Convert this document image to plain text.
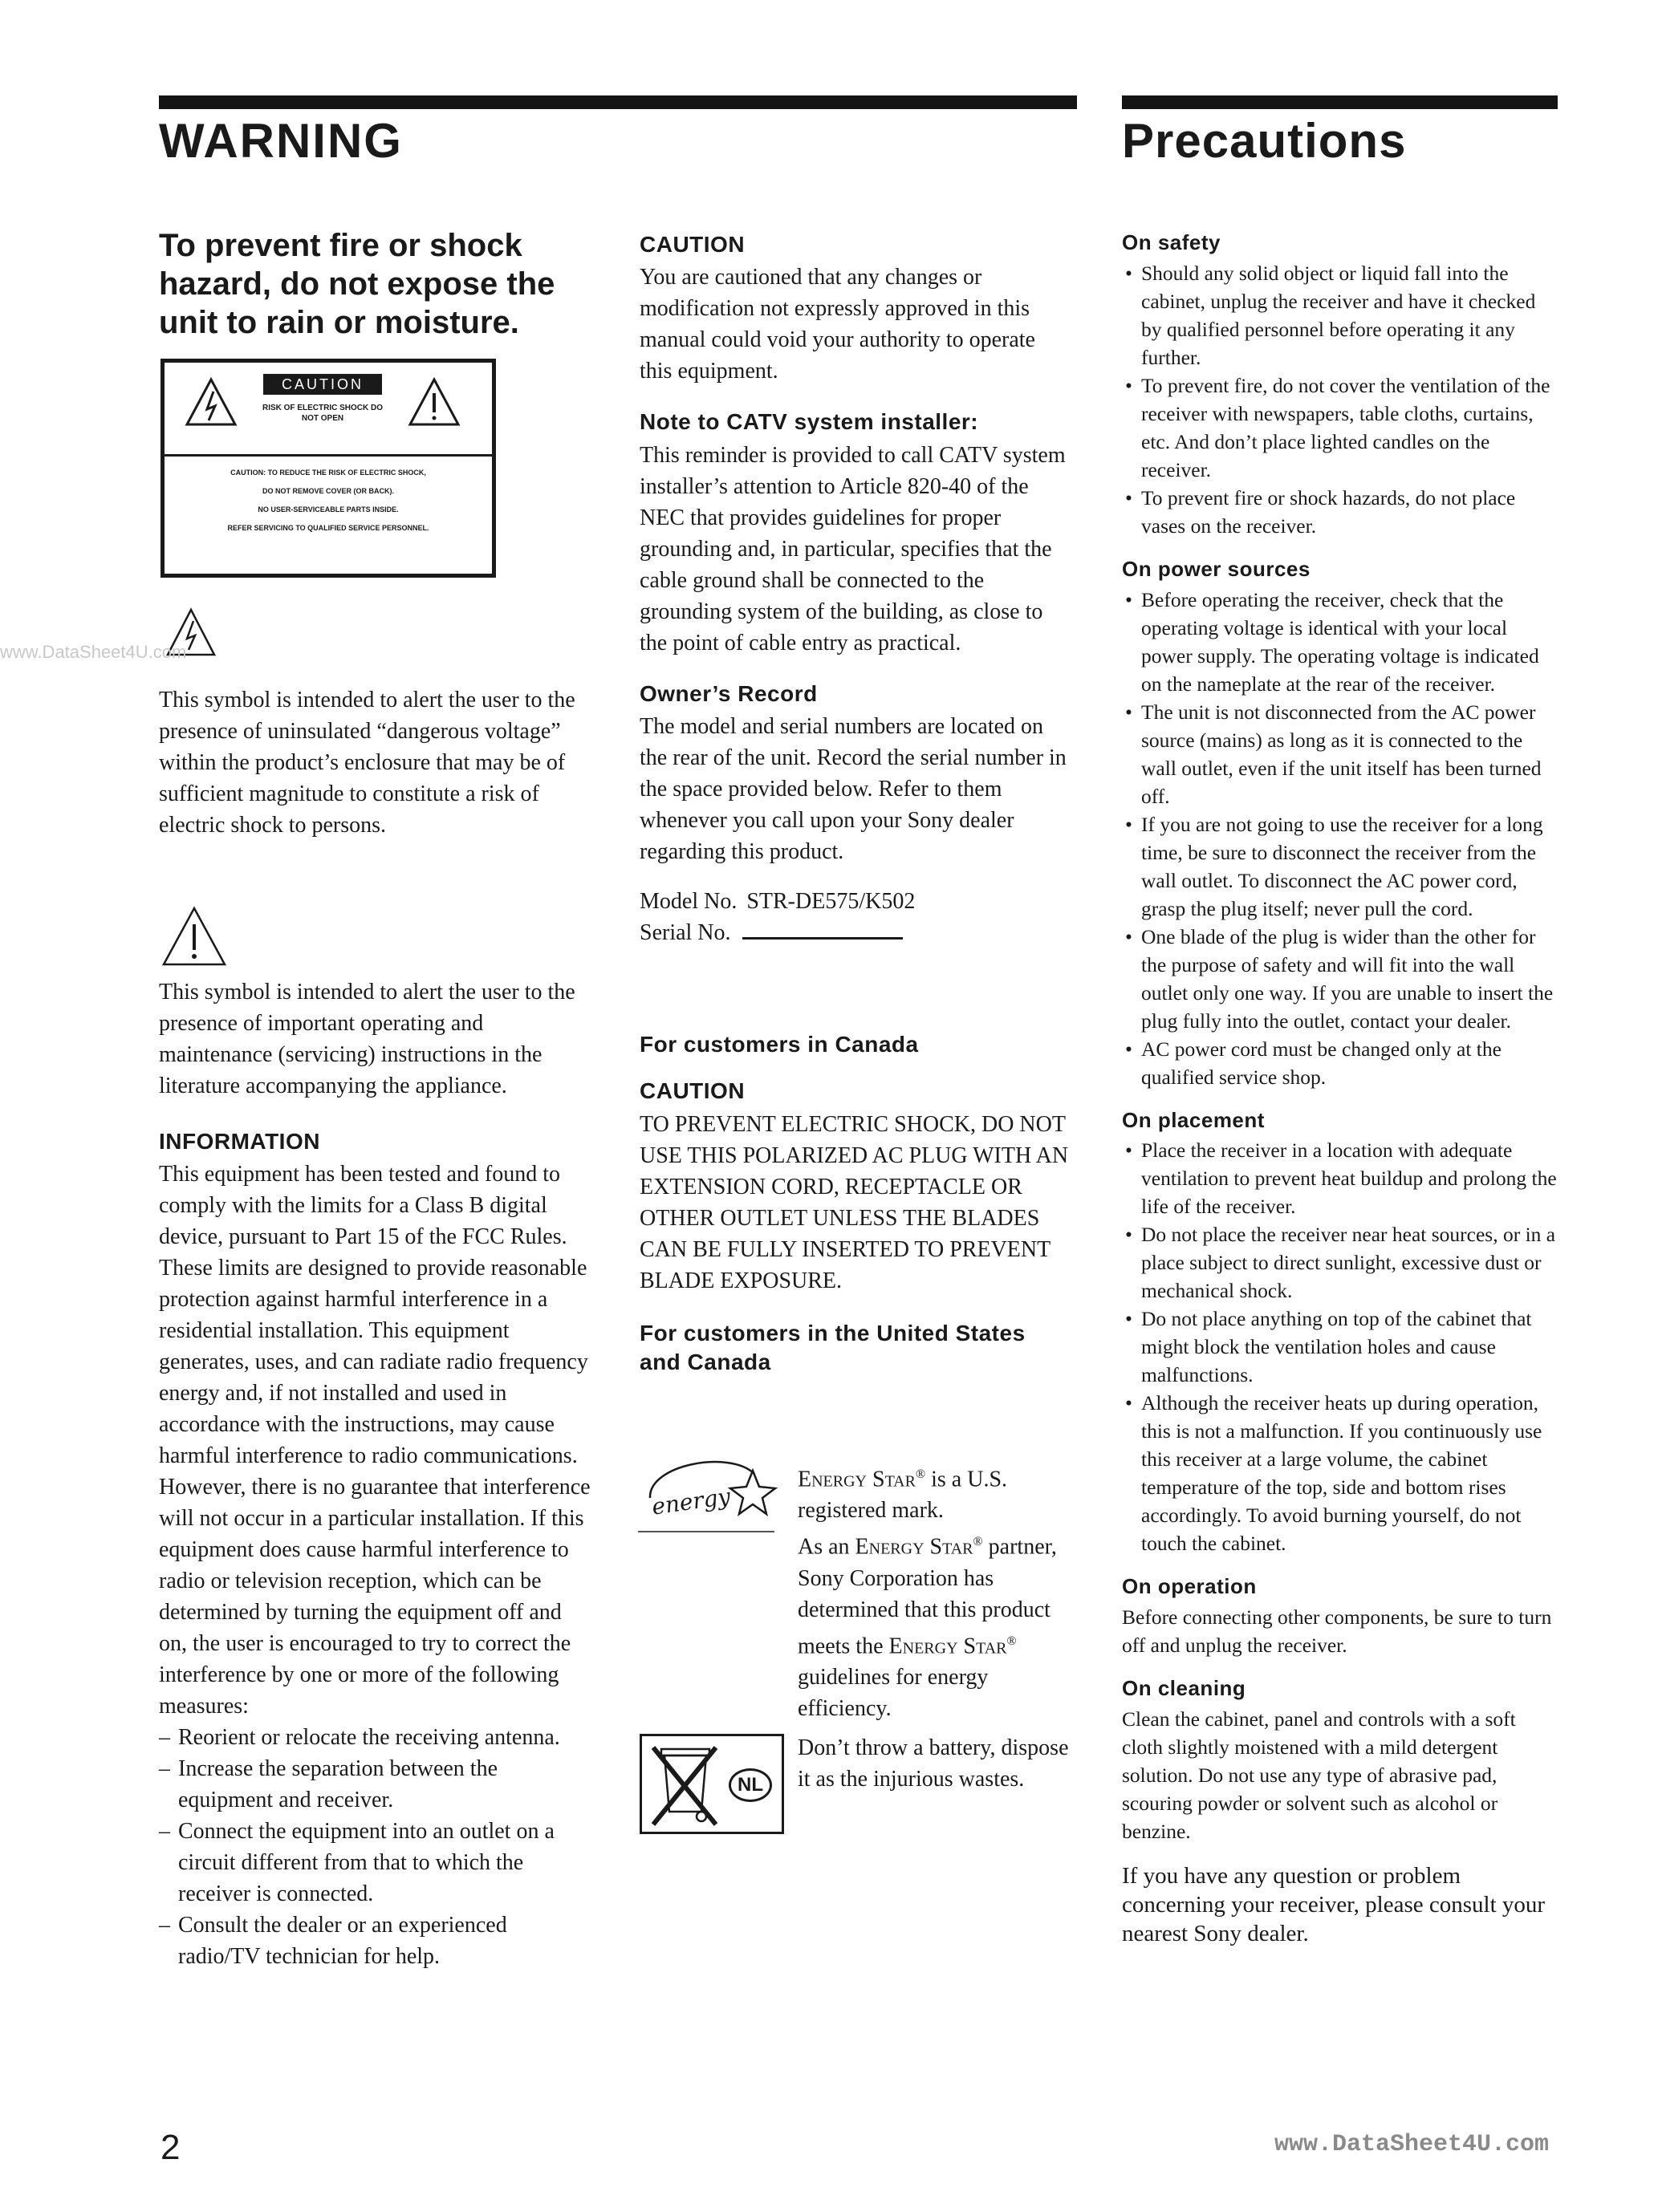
WARNING	Precautions

To prevent fire or shock hazard, do not expose the unit to rain or moisture.

CAUTION
RISK OF ELECTRIC SHOCK DO NOT OPEN
CAUTION: TO REDUCE THE RISK OF ELECTRIC SHOCK,
DO NOT REMOVE COVER (OR BACK).
NO USER-SERVICEABLE PARTS INSIDE.
REFER SERVICING TO QUALIFIED SERVICE PERSONNEL.
www.DataSheet4U.com

This symbol is intended to alert the user to the presence of uninsulated “dangerous voltage” within the product’s enclosure that may be of sufficient magnitude to constitute a risk of electric shock to persons.

This symbol is intended to alert the user to the presence of important operating and maintenance (servicing) instructions in the literature accompanying the appliance.

INFORMATION

This equipment has been tested and found to comply with the limits for a Class B digital device, pursuant to Part 15 of the FCC Rules.

These limits are designed to provide reasonable protection against harmful interference in a residential installation. This equipment generates, uses, and can radiate radio frequency energy and, if not installed and used in accordance with the instructions, may cause harmful interference to radio communications. However, there is no guarantee that interference will not occur in a particular installation. If this equipment does cause harmful interference to radio or television reception, which can be determined by turning the equipment off and on, the user is encouraged to try to correct the interference by one or more of the following measures:

– Reorient or relocate the receiving antenna.
– Increase the separation between the equipment and receiver.
– Connect the equipment into an outlet on a circuit different from that to which the receiver is connected.
– Consult the dealer or an experienced radio/TV technician for help.
CAUTION

You are cautioned that any changes or modification not expressly approved in this manual could void your authority to operate this equipment.

Note to CATV system installer:

This reminder is provided to call CATV system installer’s attention to Article 820-40 of the NEC that provides guidelines for proper grounding and, in particular, specifies that the cable ground shall be connected to the grounding system of the building, as close to the point of cable entry as practical.

Owner’s Record

The model and serial numbers are located on the rear of the unit. Record the serial number in the space provided below. Refer to them whenever you call upon your Sony dealer regarding this product.

Model No. STR-DE575/K502
Serial No.
For customers in Canada
CAUTION

TO PREVENT ELECTRIC SHOCK, DO NOT USE THIS POLARIZED AC PLUG WITH AN EXTENSION CORD, RECEPTACLE OR OTHER OUTLET UNLESS THE BLADES CAN BE FULLY INSERTED TO PREVENT BLADE EXPOSURE.

For customers in the United States and Canada
energy

Energy Star® is a U.S. registered mark.
As an Energy Star® partner, Sony Corporation has determined that this product meets the Energy Star® guidelines for energy efficiency.

NL

Don’t throw a battery, dispose it as the injurious wastes.

On safety
• Should any solid object or liquid fall into the cabinet, unplug the receiver and have it checked by qualified personnel before operating it any further.
• To prevent fire, do not cover the ventilation of the receiver with newspapers, table cloths, curtains, etc. And don’t place lighted candles on the receiver.
• To prevent fire or shock hazards, do not place vases on the receiver.
On power sources
• Before operating the receiver, check that the operating voltage is identical with your local power supply. The operating voltage is indicated on the nameplate at the rear of the receiver.
• The unit is not disconnected from the AC power source (mains) as long as it is connected to the wall outlet, even if the unit itself has been turned off.
• If you are not going to use the receiver for a long time, be sure to disconnect the receiver from the wall outlet. To disconnect the AC power cord, grasp the plug itself; never pull the cord.
• One blade of the plug is wider than the other for the purpose of safety and will fit into the wall outlet only one way. If you are unable to insert the plug fully into the outlet, contact your dealer.
• AC power cord must be changed only at the qualified service shop.
On placement
• Place the receiver in a location with adequate ventilation to prevent heat buildup and prolong the life of the receiver.
• Do not place the receiver near heat sources, or in a place subject to direct sunlight, excessive dust or mechanical shock.
• Do not place anything on top of the cabinet that might block the ventilation holes and cause malfunctions.
• Although the receiver heats up during operation, this is not a malfunction. If you continuously use this receiver at a large volume, the cabinet temperature of the top, side and bottom rises accordingly. To avoid burning yourself, do not touch the cabinet.
On operation

Before connecting other components, be sure to turn off and unplug the receiver.

On cleaning

Clean the cabinet, panel and controls with a soft cloth slightly moistened with a mild detergent solution. Do not use any type of abrasive pad, scouring powder or solvent such as alcohol or benzine.

If you have any question or problem concerning your receiver, please consult your nearest Sony dealer.

2	www.DataSheet4U.com
